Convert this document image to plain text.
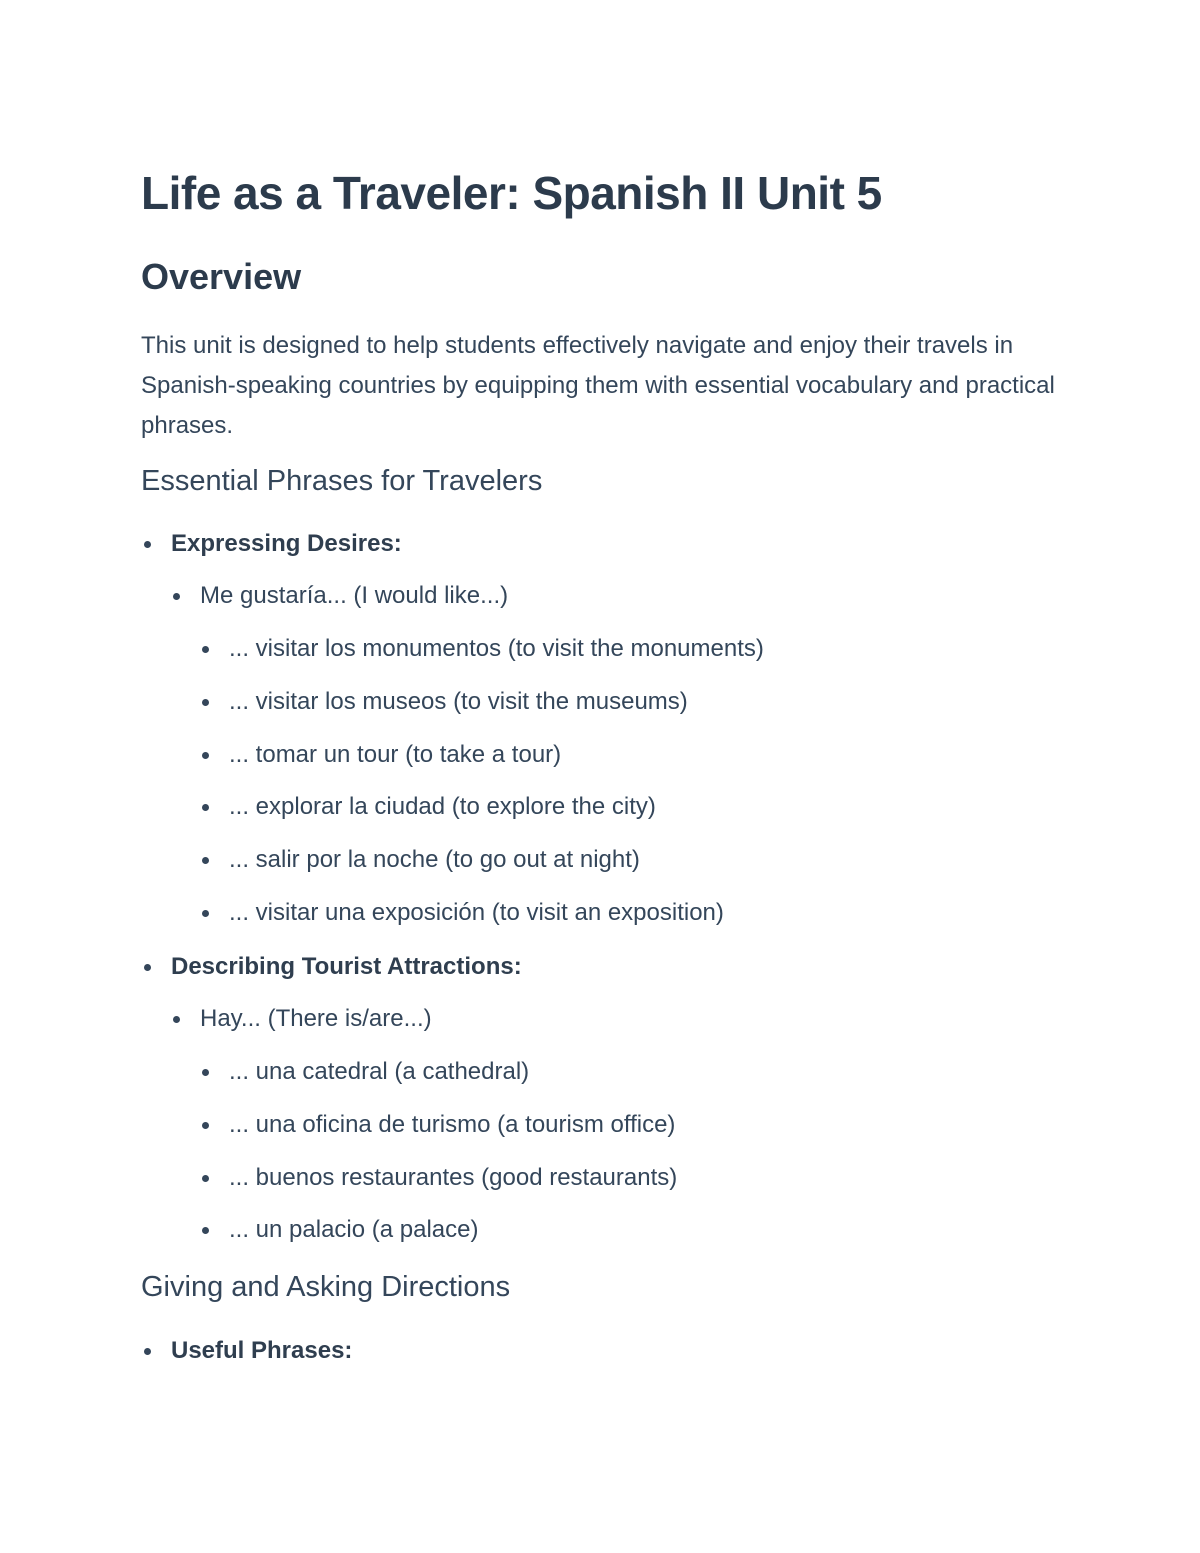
Life as a Traveler: Spanish II Unit 5
Overview

This unit is designed to help students effectively navigate and enjoy their travels in Spanish-speaking countries by equipping them with essential vocabulary and practical phrases.

Essential Phrases for Travelers
Expressing Desires:
Me gustaría... (I would like...)
... visitar los monumentos (to visit the monuments)
... visitar los museos (to visit the museums)
... tomar un tour (to take a tour)
... explorar la ciudad (to explore the city)
... salir por la noche (to go out at night)
... visitar una exposición (to visit an exposition)
Describing Tourist Attractions:
Hay... (There is/are...)
... una catedral (a cathedral)
... una oficina de turismo (a tourism office)
... buenos restaurantes (good restaurants)
... un palacio (a palace)
Giving and Asking Directions
Useful Phrases:
